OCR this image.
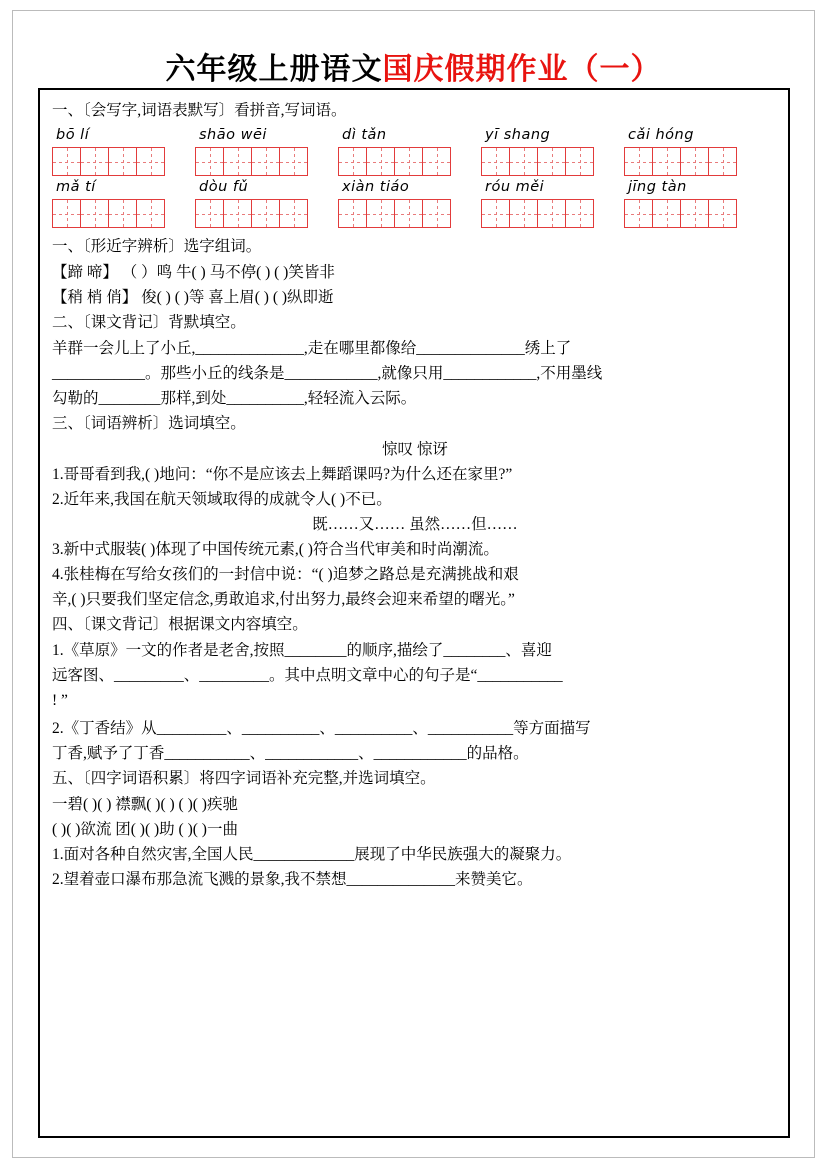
六年级上册语文国庆假期作业（一）
一、〔会写字,词语表默写〕看拼音,写词语。
bō lí	shāo wēi	dì tǎn	yī shang	cǎi hóng
mǎ tí	dòu fǔ	xiàn tiáo	róu měi	jīng tàn
一、〔形近字辨析〕选字组词。
【蹄 啼】 （ ）鸣 牛( ) 马不停( ) ( )笑皆非
【稍 梢 俏】 俊( ) ( )等 喜上眉( ) ( )纵即逝
二、〔课文背记〕背默填空。
羊群一会儿上了小丘,______________,走在哪里都像给______________绣上了
____________。那些小丘的线条是____________,就像只用____________,不用墨线
勾勒的________那样,到处__________,轻轻流入云际。
三、〔词语辨析〕选词填空。
惊叹 惊讶
1.哥哥看到我,( )地问：“你不是应该去上舞蹈课吗?为什么还在家里?”
2.近年来,我国在航天领域取得的成就令人( )不已。
既……又…… 虽然……但……
3.新中式服装( )体现了中国传统元素,( )符合当代审美和时尚潮流。
4.张桂梅在写给女孩们的一封信中说：“( )追梦之路总是充满挑战和艰
辛,( )只要我们坚定信念,勇敢追求,付出努力,最终会迎来希望的曙光。”
四、〔课文背记〕根据课文内容填空。
1.《草原》一文的作者是老舍,按照________的顺序,描绘了________、喜迎
远客图、_________、_________。其中点明文章中心的句子是“___________
! ”
2.《丁香结》从_________、__________、__________、___________等方面描写
丁香,赋予了丁香___________、____________、____________的品格。
五、〔四字词语积累〕将四字词语补充完整,并选词填空。
一碧( )( ) 襟飘( )( ) ( )( )疾驰
( )( )欲流 团( )( )助 ( )( )一曲
1.面对各种自然灾害,全国人民_____________展现了中华民族强大的凝聚力。
2.望着壶口瀑布那急流飞溅的景象,我不禁想______________来赞美它。
